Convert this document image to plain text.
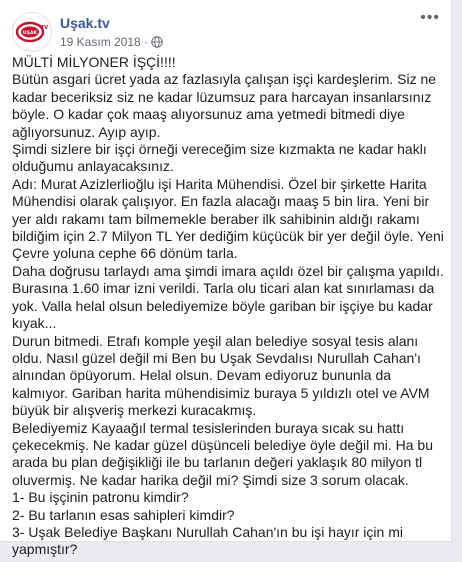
UŞAK
TV Uşak.tv
19 Kasım 2018 ·
•••

MÜLTİ MİLYONER İŞÇİ!!!!

Bütün asgari ücret yada az fazlasıyla çalışan işçi kardeşlerim. Siz ne kadar beceriksiz siz ne kadar lüzumsuz para harcayan insanlarsınız böyle. O kadar çok maaş alıyorsunuz ama yetmedi bitmedi diye ağlıyorsunuz. Ayıp ayıp.

Şimdi sizlere bir işçi örneği vereceğim size kızmakta ne kadar haklı olduğumu anlayacaksınız.

Adı: Murat Azizlerlioğlu işi Harita Mühendisi. Özel bir şirkette Harita Mühendisi olarak çalışıyor. En fazla alacağı maaş 5 bin lira. Yeni bir yer aldı rakamı tam bilmemekle beraber ilk sahibinin aldığı rakamı bildiğim için 2.7 Milyon TL Yer dediğim küçücük bir yer değil öyle. Yeni Çevre yoluna cephe 66 dönüm tarla.

Daha doğrusu tarlaydı ama şimdi imara açıldı özel bir çalışma yapıldı. Burasına 1.60 imar izni verildi. Tarla olu ticari alan kat sınırlaması da yok. Valla helal olsun belediyemize böyle gariban bir işçiye bu kadar kıyak...

Durun bitmedi. Etrafı komple yeşil alan belediye sosyal tesis alanı oldu. Nasıl güzel değil mi Ben bu Uşak Sevdalısı Nurullah Cahan'ı alnından öpüyorum. Helal olsun. Devam ediyoruz bununla da kalmıyor. Gariban harita mühendisimiz buraya 5 yıldızlı otel ve AVM büyük bir alışveriş merkezi kuracakmış.

Belediyemiz Kayaağıl termal tesislerinden buraya sıcak su hattı çekecekmiş. Ne kadar güzel düşünceli belediye öyle değil mi. Ha bu arada bu plan değişikliği ile bu tarlanın değeri yaklaşık 80 milyon tl oluvermiş. Ne kadar harika değil mi? Şimdi size 3 sorum olacak.

1- Bu işçinin patronu kimdir?

2- Bu tarlanın esas sahipleri kimdir?

3- Uşak Belediye Başkanı Nurullah Cahan'ın bu işi hayır için mi yapmıştır?
